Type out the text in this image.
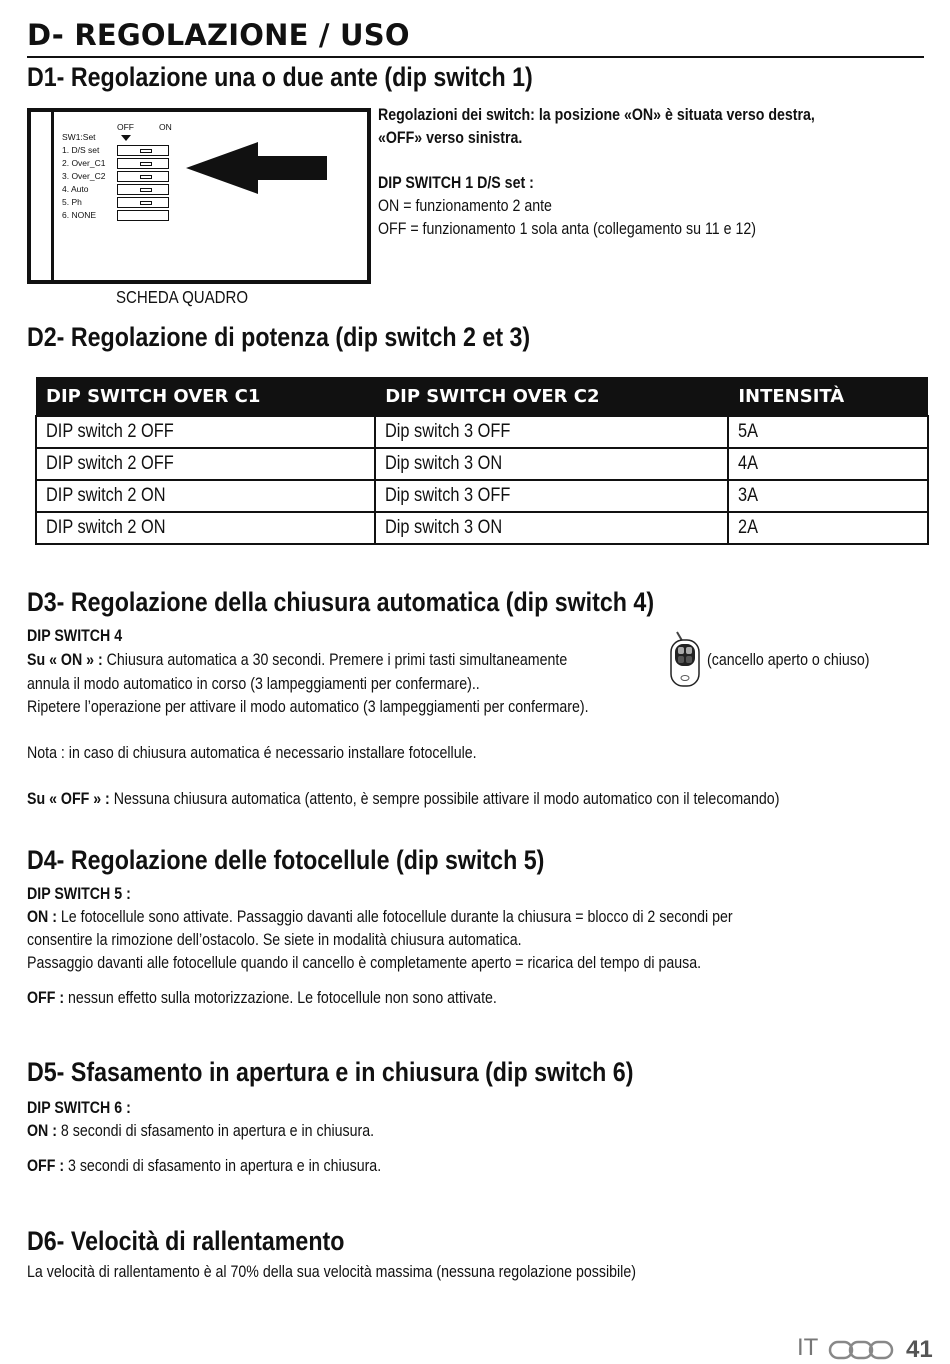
D- REGOLAZIONE / USO
D1- Regolazione una o due ante (dip switch 1)
OFF	ON
SW1:Set
1. D/S set
2. Over_C1
3. Over_C2
4. Auto
5. Ph
6. NONE
SCHEDA QUADRO
Regolazioni dei switch: la posizione «ON» è situata verso destra,
«OFF» verso sinistra.
DIP SWITCH 1 D/S set :
ON = funzionamento 2 ante
OFF = funzionamento 1 sola anta (collegamento su 11 e 12)
D2- Regolazione di potenza (dip switch 2 et 3)
DIP SWITCH OVER C1	DIP SWITCH OVER C2	INTENSITÀ
DIP switch 2 OFF	Dip switch 3 OFF	5A
DIP switch 2 OFF	Dip switch 3 ON	4A
DIP switch 2 ON	Dip switch 3 OFF	3A
DIP switch 2 ON	Dip switch 3 ON	2A
D3- Regolazione della chiusura automatica (dip switch 4)
DIP SWITCH 4
Su « ON » : Chiusura automatica a 30 secondi. Premere i primi tasti simultaneamente	(cancello aperto o chiuso)
annula il modo automatico in corso (3 lampeggiamenti per confermare)..
Ripetere l’operazione per attivare il modo automatico (3 lampeggiamenti per confermare).
Nota : in caso di chiusura automatica é necessario installare fotocellule.
Su « OFF » : Nessuna chiusura automatica (attento, è sempre possibile attivare il modo automatico con il telecomando)
D4- Regolazione delle fotocellule (dip switch 5)
DIP SWITCH 5 :
ON : Le fotocellule sono attivate. Passaggio davanti alle fotocellule durante la chiusura = blocco di 2 secondi per
consentire la rimozione dell’ostacolo. Se siete in modalità chiusura automatica.
Passaggio davanti alle fotocellule quando il cancello è completamente aperto = ricarica del tempo di pausa.
OFF : nessun effetto sulla motorizzazione. Le fotocellule non sono attivate.
D5- Sfasamento in apertura e in chiusura (dip switch 6)
DIP SWITCH 6 :
ON : 8 secondi di sfasamento in apertura e in chiusura.
OFF : 3 secondi di sfasamento in apertura e in chiusura.
D6- Velocità di rallentamento
La velocità di rallentamento è al 70% della sua velocità massima (nessuna regolazione possibile)
IT	41
